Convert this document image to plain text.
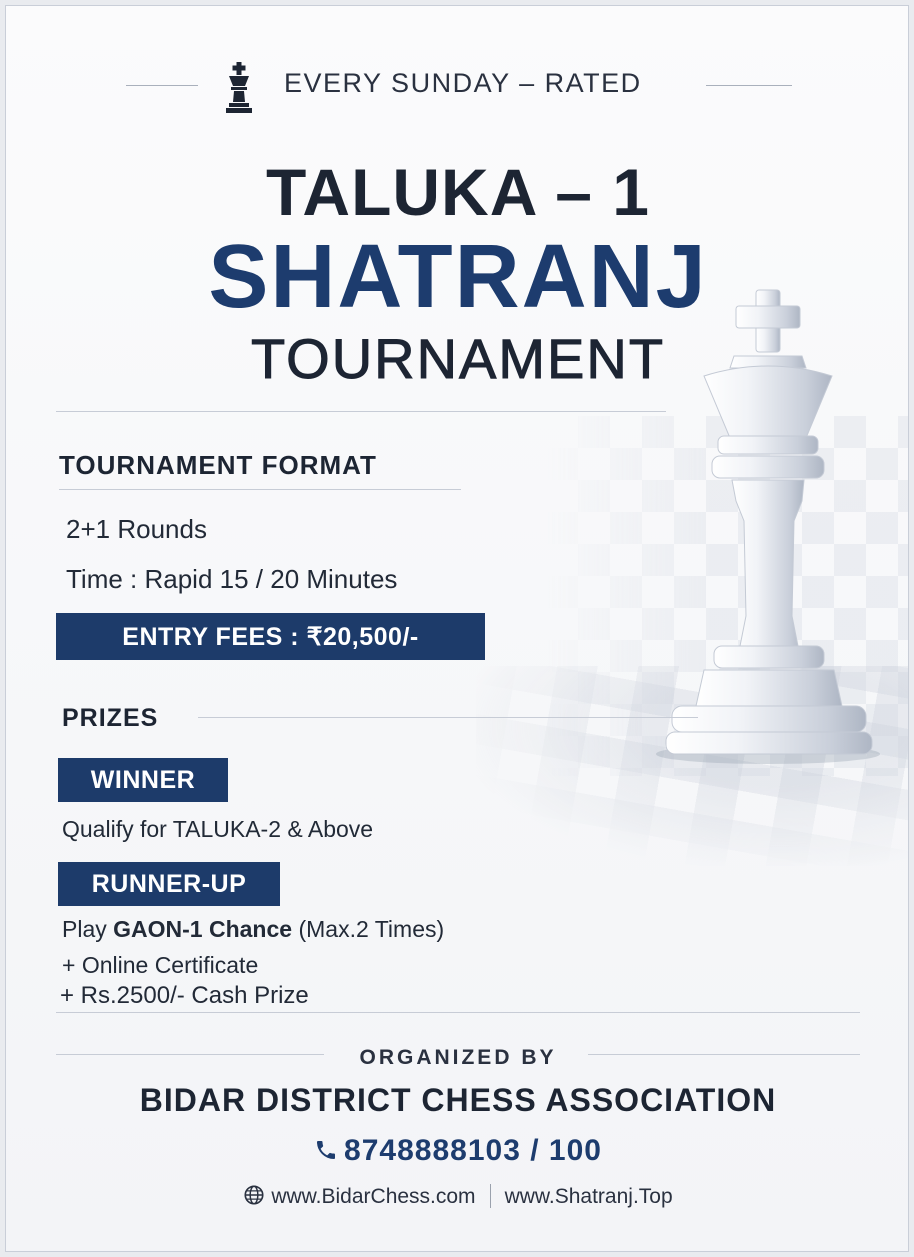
EVERY SUNDAY – RATED
TALUKA – 1
SHATRANJ
TOURNAMENT
TOURNAMENT FORMAT
2+1 Rounds
Time : Rapid 15 / 20 Minutes
ENTRY FEES : ₹20,500/-
PRIZES
WINNER
Qualify for TALUKA-2 & Above
RUNNER-UP
Play GAON-1 Chance (Max.2 Times)
+ Online Certificate
+ Rs.2500/- Cash Prize
ORGANIZED BY
BIDAR DISTRICT CHESS ASSOCIATION
8748888103 / 100
www.BidarChess.com www.Shatranj.Top
